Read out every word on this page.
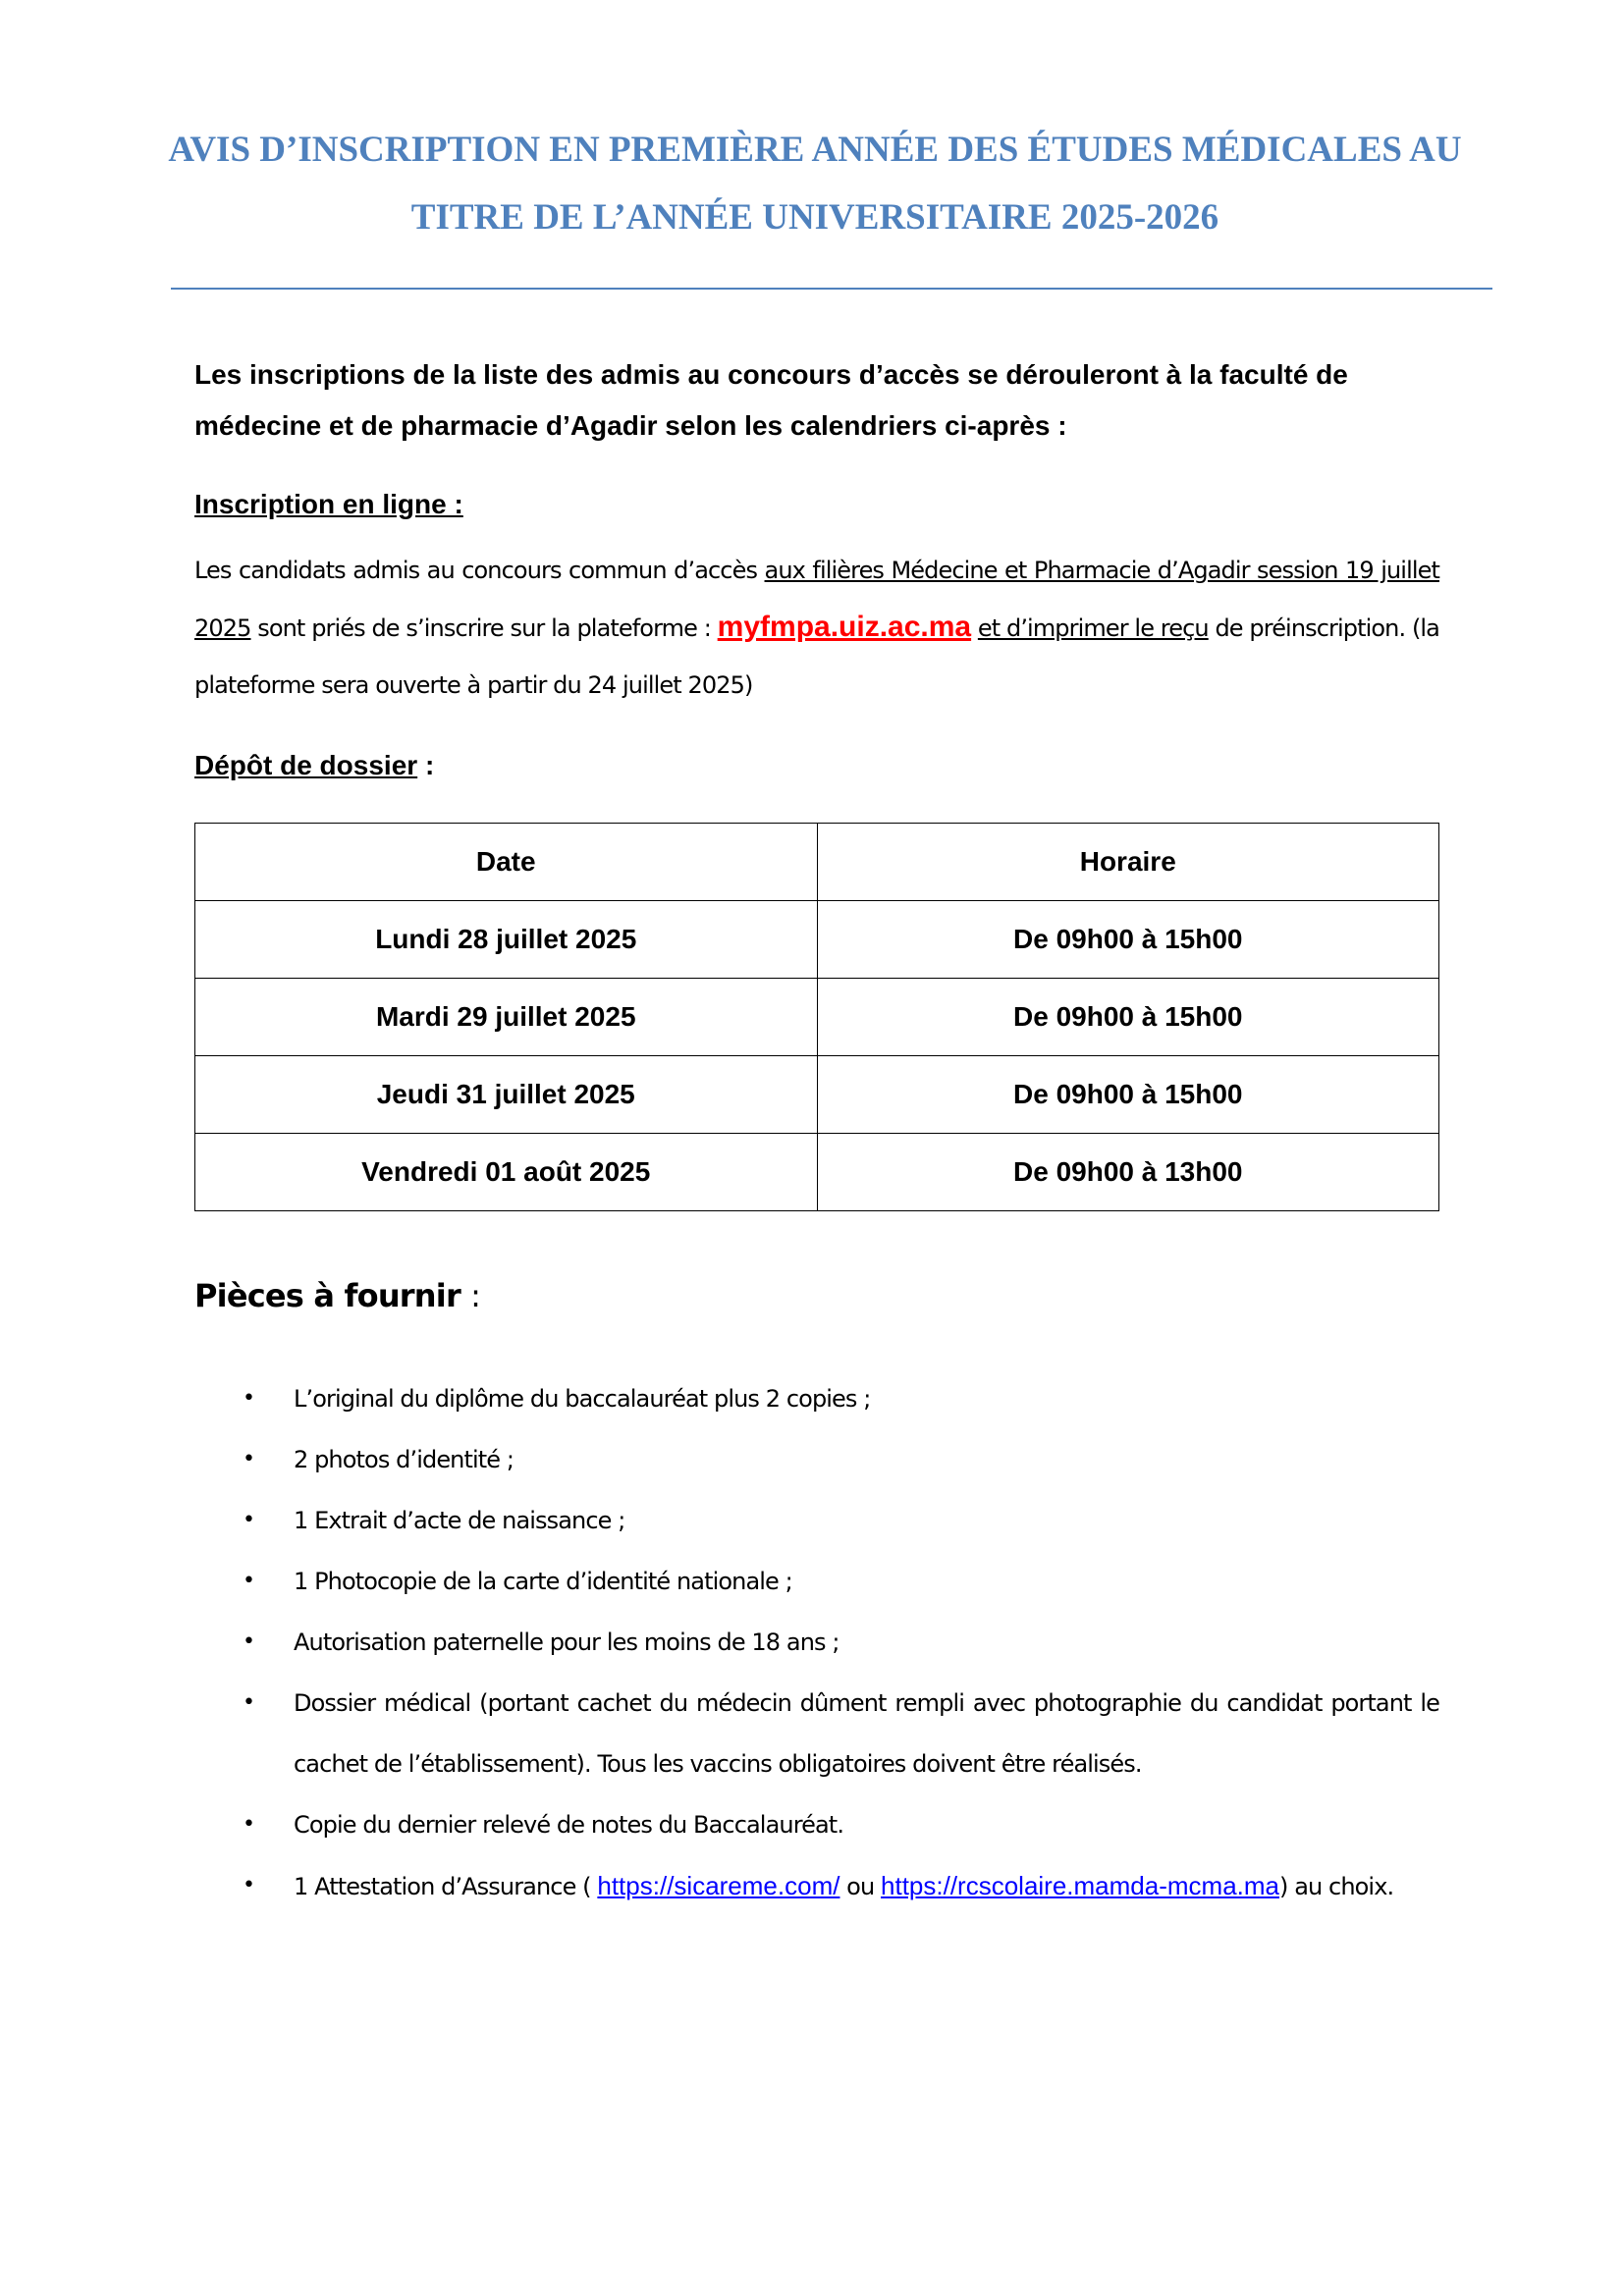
AVIS D’INSCRIPTION EN PREMIÈRE ANNÉE DES ÉTUDES MÉDICALES AU
TITRE DE L’ANNÉE UNIVERSITAIRE 2025-2026
Les inscriptions de la liste des admis au concours d’accès se dérouleront à la faculté de médecine et de pharmacie d’Agadir selon les calendriers ci-après :
Inscription en ligne :
Les candidats admis au concours commun d’accès aux filières Médecine et Pharmacie d’Agadir session 19 juillet 2025 sont priés de s’inscrire sur la plateforme : myfmpa.uiz.ac.ma et d’imprimer le reçu de préinscription. (la plateforme sera ouverte à partir du 24 juillet 2025)
Dépôt de dossier :
Date	Horaire
Lundi 28 juillet 2025	De 09h00 à 15h00
Mardi 29 juillet 2025	De 09h00 à 15h00
Jeudi 31 juillet 2025	De 09h00 à 15h00
Vendredi 01 août 2025	De 09h00 à 13h00
Pièces à fournir :
• L’original du diplôme du baccalauréat plus 2 copies ;
• 2 photos d’identité ;
• 1 Extrait d’acte de naissance ;
• 1 Photocopie de la carte d’identité nationale ;
• Autorisation paternelle pour les moins de 18 ans ;
• Dossier médical (portant cachet du médecin dûment rempli avec photographie du candidat portant le cachet de l’établissement). Tous les vaccins obligatoires doivent être réalisés.
• Copie du dernier relevé de notes du Baccalauréat.
• 1 Attestation d’Assurance ( https://sicareme.com/ ou https://rcscolaire.mamda-mcma.ma) au choix.
